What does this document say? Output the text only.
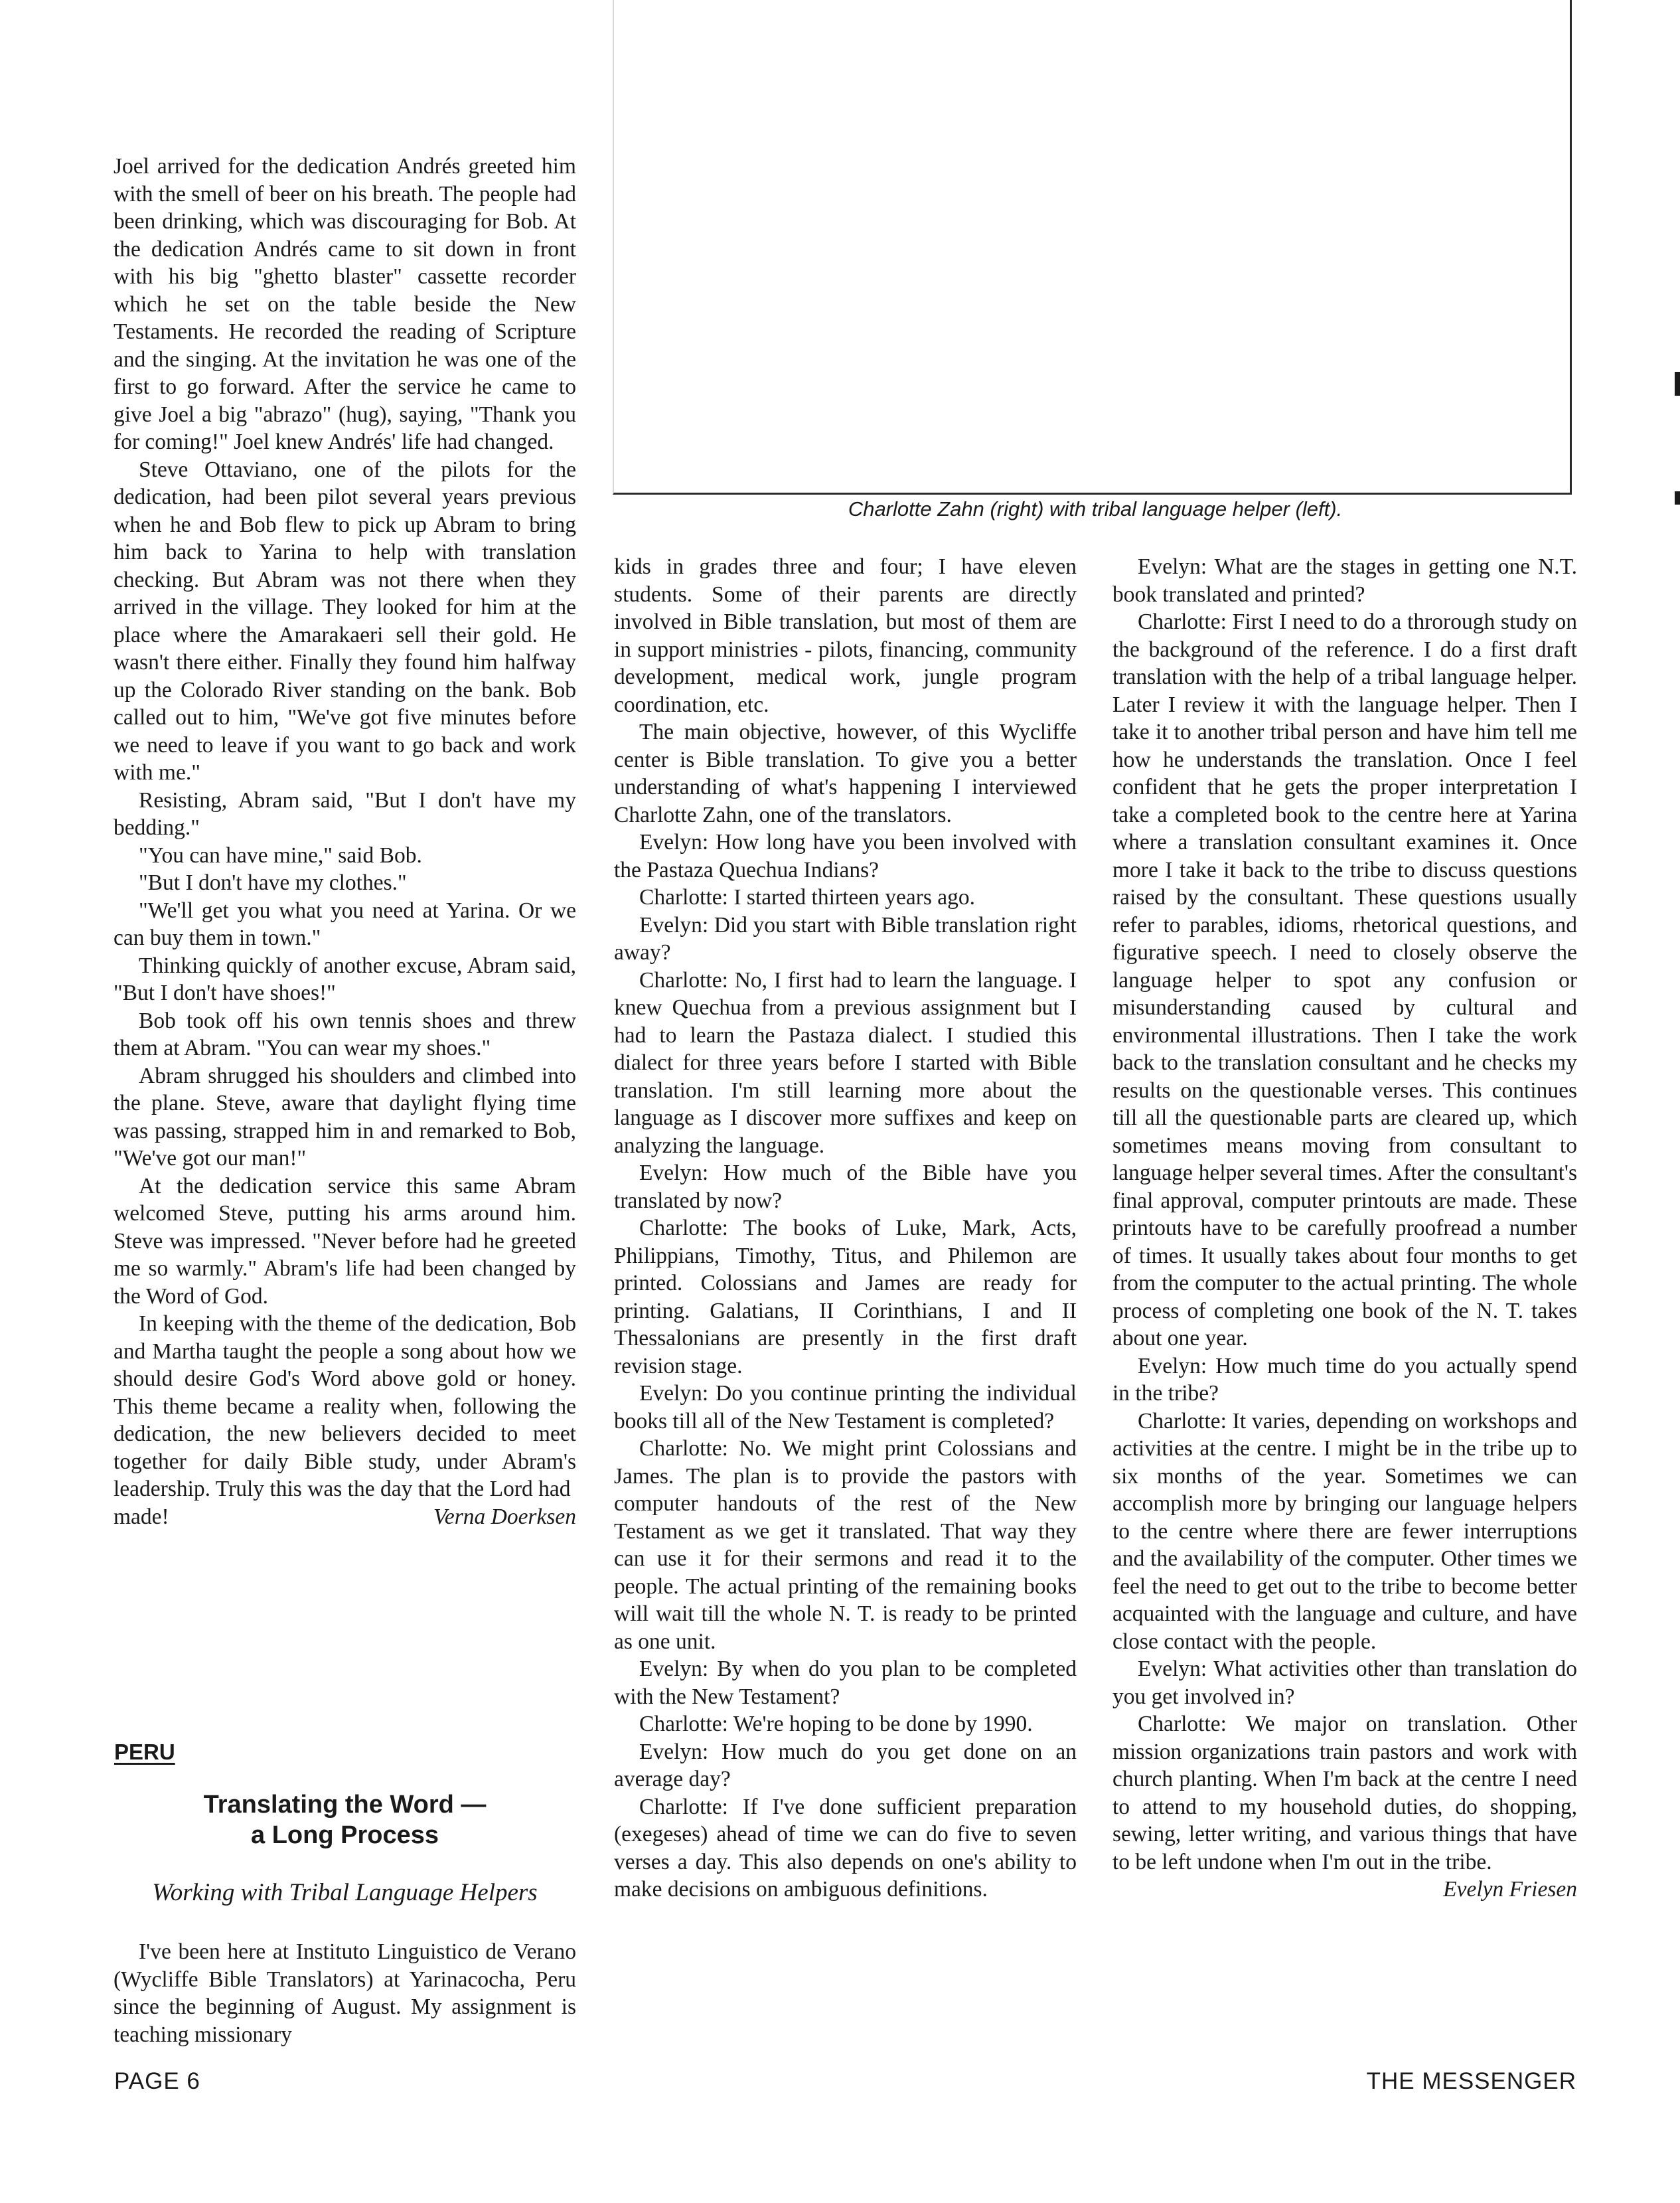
Charlotte Zahn (right) with tribal language helper (left).

Joel arrived for the dedication Andrés greeted him with the smell of beer on his breath. The people had been drinking, which was discouraging for Bob. At the dedication Andrés came to sit down in front with his big "ghetto blaster" cassette recorder which he set on the table beside the New Testaments. He recorded the reading of Scripture and the singing. At the invitation he was one of the first to go forward. After the service he came to give Joel a big "abrazo" (hug), saying, "Thank you for coming!" Joel knew Andrés' life had changed.

Steve Ottaviano, one of the pilots for the dedication, had been pilot several years previous when he and Bob flew to pick up Abram to bring him back to Yarina to help with translation checking. But Abram was not there when they arrived in the village. They looked for him at the place where the Amarakaeri sell their gold. He wasn't there either. Finally they found him halfway up the Colorado River standing on the bank. Bob called out to him, "We've got five minutes before we need to leave if you want to go back and work with me."

Resisting, Abram said, "But I don't have my bedding."

"You can have mine," said Bob.

"But I don't have my clothes."

"We'll get you what you need at Yarina. Or we can buy them in town."

Thinking quickly of another excuse, Abram said, "But I don't have shoes!"

Bob took off his own tennis shoes and threw them at Abram. "You can wear my shoes."

Abram shrugged his shoulders and climbed into the plane. Steve, aware that daylight flying time was passing, strapped him in and remarked to Bob, "We've got our man!"

At the dedication service this same Abram welcomed Steve, putting his arms around him. Steve was impressed. "Never before had he greeted me so warmly." Abram's life had been changed by the Word of God.

In keeping with the theme of the dedication, Bob and Martha taught the people a song about how we should desire God's Word above gold or honey. This theme became a reality when, following the dedication, the new believers decided to meet together for daily Bible study, under Abram's leadership. Truly this was the day that the Lord had

made!	Verna Doerksen
PERU
Translating the Word —
a Long Process
Working with Tribal Language Helpers

I've been here at Instituto Linguistico de Verano (Wycliffe Bible Translators) at Yarinacocha, Peru since the beginning of August. My assignment is teaching missionary

kids in grades three and four; I have eleven students. Some of their parents are directly involved in Bible translation, but most of them are in support ministries - pilots, financing, community development, medical work, jungle program coordination, etc.

The main objective, however, of this Wycliffe center is Bible translation. To give you a better understanding of what's happening I interviewed Charlotte Zahn, one of the translators.

Evelyn: How long have you been involved with the Pastaza Quechua Indians?

Charlotte: I started thirteen years ago.

Evelyn: Did you start with Bible translation right away?

Charlotte: No, I first had to learn the language. I knew Quechua from a previous assignment but I had to learn the Pastaza dialect. I studied this dialect for three years before I started with Bible translation. I'm still learning more about the language as I discover more suffixes and keep on analyzing the language.

Evelyn: How much of the Bible have you translated by now?

Charlotte: The books of Luke, Mark, Acts, Philippians, Timothy, Titus, and Philemon are printed. Colossians and James are ready for printing. Galatians, II Corinthians, I and II Thessalonians are presently in the first draft revision stage.

Evelyn: Do you continue printing the individual books till all of the New Testament is completed?

Charlotte: No. We might print Colossians and James. The plan is to provide the pastors with computer handouts of the rest of the New Testament as we get it translated. That way they can use it for their sermons and read it to the people. The actual printing of the remaining books will wait till the whole N. T. is ready to be printed as one unit.

Evelyn: By when do you plan to be completed with the New Testament?

Charlotte: We're hoping to be done by 1990.

Evelyn: How much do you get done on an average day?

Charlotte: If I've done sufficient preparation (exegeses) ahead of time we can do five to seven verses a day. This also depends on one's ability to make decisions on ambiguous definitions.

Evelyn: What are the stages in getting one N.T. book translated and printed?

Charlotte: First I need to do a throrough study on the background of the reference. I do a first draft translation with the help of a tribal language helper. Later I review it with the language helper. Then I take it to another tribal person and have him tell me how he understands the translation. Once I feel confident that he gets the proper interpretation I take a completed book to the centre here at Yarina where a translation consultant examines it. Once more I take it back to the tribe to discuss questions raised by the consultant. These questions usually refer to parables, idioms, rhetorical questions, and figurative speech. I need to closely observe the language helper to spot any confusion or misunderstanding caused by cultural and environmental illustrations. Then I take the work back to the translation consultant and he checks my results on the questionable verses. This continues till all the questionable parts are cleared up, which sometimes means moving from consultant to language helper several times. After the consultant's final approval, computer printouts are made. These printouts have to be carefully proofread a number of times. It usually takes about four months to get from the computer to the actual printing. The whole process of completing one book of the N. T. takes about one year.

Evelyn: How much time do you actually spend in the tribe?

Charlotte: It varies, depending on workshops and activities at the centre. I might be in the tribe up to six months of the year. Sometimes we can accomplish more by bringing our language helpers to the centre where there are fewer interruptions and the availability of the computer. Other times we feel the need to get out to the tribe to become better acquainted with the language and culture, and have close contact with the people.

Evelyn: What activities other than translation do you get involved in?

Charlotte: We major on translation. Other mission organizations train pastors and work with church planting. When I'm back at the centre I need to attend to my household duties, do shopping, sewing, letter writing, and various things that have to be left undone when I'm out in the tribe.

Evelyn Friesen

PAGE 6	THE MESSENGER
